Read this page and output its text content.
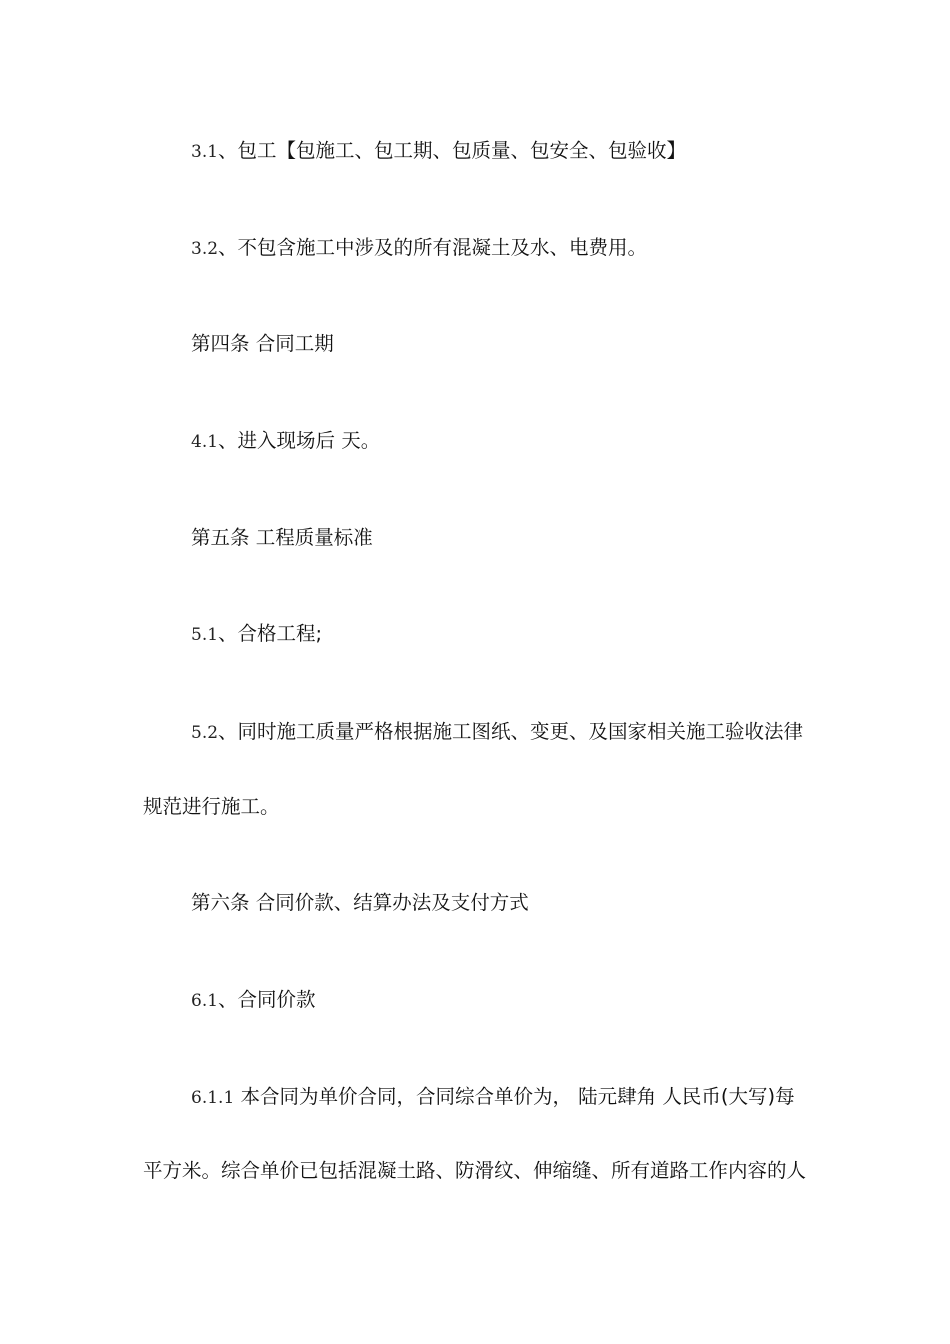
3.1、包工【包施工、包工期、包质量、包安全、包验收】
3.2、不包含施工中涉及的所有混凝土及水、电费用。
第四条 合同工期
4.1、进入现场后 天。
第五条 工程质量标准
5.1、合格工程;
5.2、同时施工质量严格根据施工图纸、变更、及国家相关施工验收法律
规范进行施工。
第六条 合同价款、结算办法及支付方式
6.1、合同价款
6.1.1 本合同为单价合同，合同综合单价为， 陆元肆角 人民币(大写)每
平方米。综合单价已包括混凝土路、防滑纹、伸缩缝、所有道路工作内容的人
